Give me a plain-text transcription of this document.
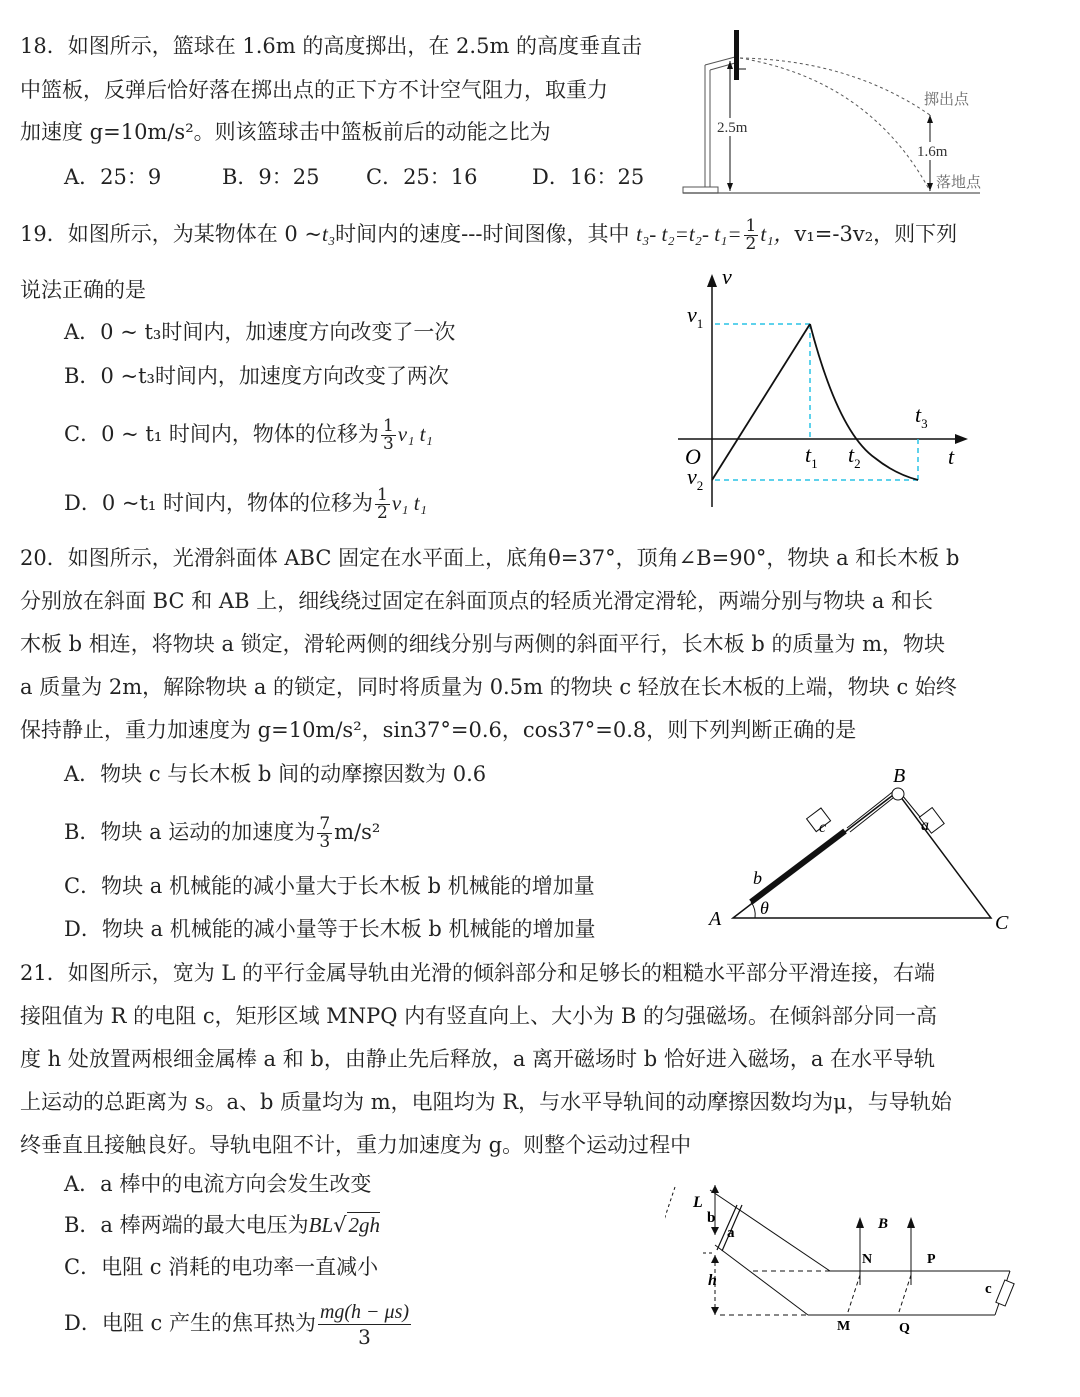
18．如图所示，篮球在 1.6m 的高度掷出，在 2.5m 的高度垂直击
中篮板，反弹后恰好落在掷出点的正下方不计空气阻力，取重力
加速度 g=10m/s²。则该篮球击中篮板前后的动能之比为
A．25：9	B．9：25 C．25：16	D．16：25
2.5m
1.6m
掷出点
落地点
19．如图所示，为某物体在 0 ~t₃时间内的速度---时间图像，其中 t₃- t₂=t₂- $t_1= \frac{1}{2} t_1$，v₁=-3v₂，则下列
说法正确的是
A．0 ~ t₃时间内，加速度方向改变了一次
B．0 ~t₃时间内，加速度方向改变了两次
C．0 ~ t₁ 时间内，物体的位移为 $\frac{1}{3} v_1$ t₁
D．0 ~t₁ 时间内，物体的位移为 $\frac{1}{2} v_1$ t₁
v
t
O
$v_1$
$v_2$
$t_1$ $t_2$
$t_3$
20．如图所示，光滑斜面体 ABC 固定在水平面上，底角θ=37°，顶角∠B=90°，物块 a 和长木板 b
分别放在斜面 BC 和 AB 上，细线绕过固定在斜面顶点的轻质光滑定滑轮，两端分别与物块 a 和长
木板 b 相连，将物块 a 锁定，滑轮两侧的细线分别与两侧的斜面平行，长木板 b 的质量为 m，物块
a 质量为 2m，解除物块 a 的锁定，同时将质量为 0.5m 的物块 c 轻放在长木板的上端，物块 c 始终
保持静止，重力加速度为 g=10m/s²，sin37°=0.6，cos37°=0.8，则下列判断正确的是
A．物块 c 与长木板 b 间的动摩擦因数为 0.6
B．物块 a 运动的加速度为 $\frac{7}{3} m/s^2$
C．物块 a 机械能的减小量大于长木板 b 机械能的增加量
D．物块 a 机械能的减小量等于长木板 b 机械能的增加量	A
B
C
θ
b
c	a
21．如图所示，宽为 L 的平行金属导轨由光滑的倾斜部分和足够长的粗糙水平部分平滑连接，右端
接阻值为 R 的电阻 c，矩形区域 MNPQ 内有竖直向上、大小为 B 的匀强磁场。在倾斜部分同一高
度 h 处放置两根细金属棒 a 和 b，由静止先后释放，a 离开磁场时 b 恰好进入磁场，a 在水平导轨
上运动的总距离为 s。a、b 质量均为 m，电阻均为 R，与水平导轨间的动摩擦因数均为μ，与导轨始
终垂直且接触良好。导轨电阻不计，重力加速度为 g。则整个运动过程中
A．a 棒中的电流方向会发生改变
B．a 棒两端的最大电压为BL√2gh
C．电阻 c 消耗的电功率一直减小
D．电阻 c 产生的焦耳热为 $\frac{mg(h - \mu s)}{3}$
L
b
a
h
B
N	P
M	Q
c
